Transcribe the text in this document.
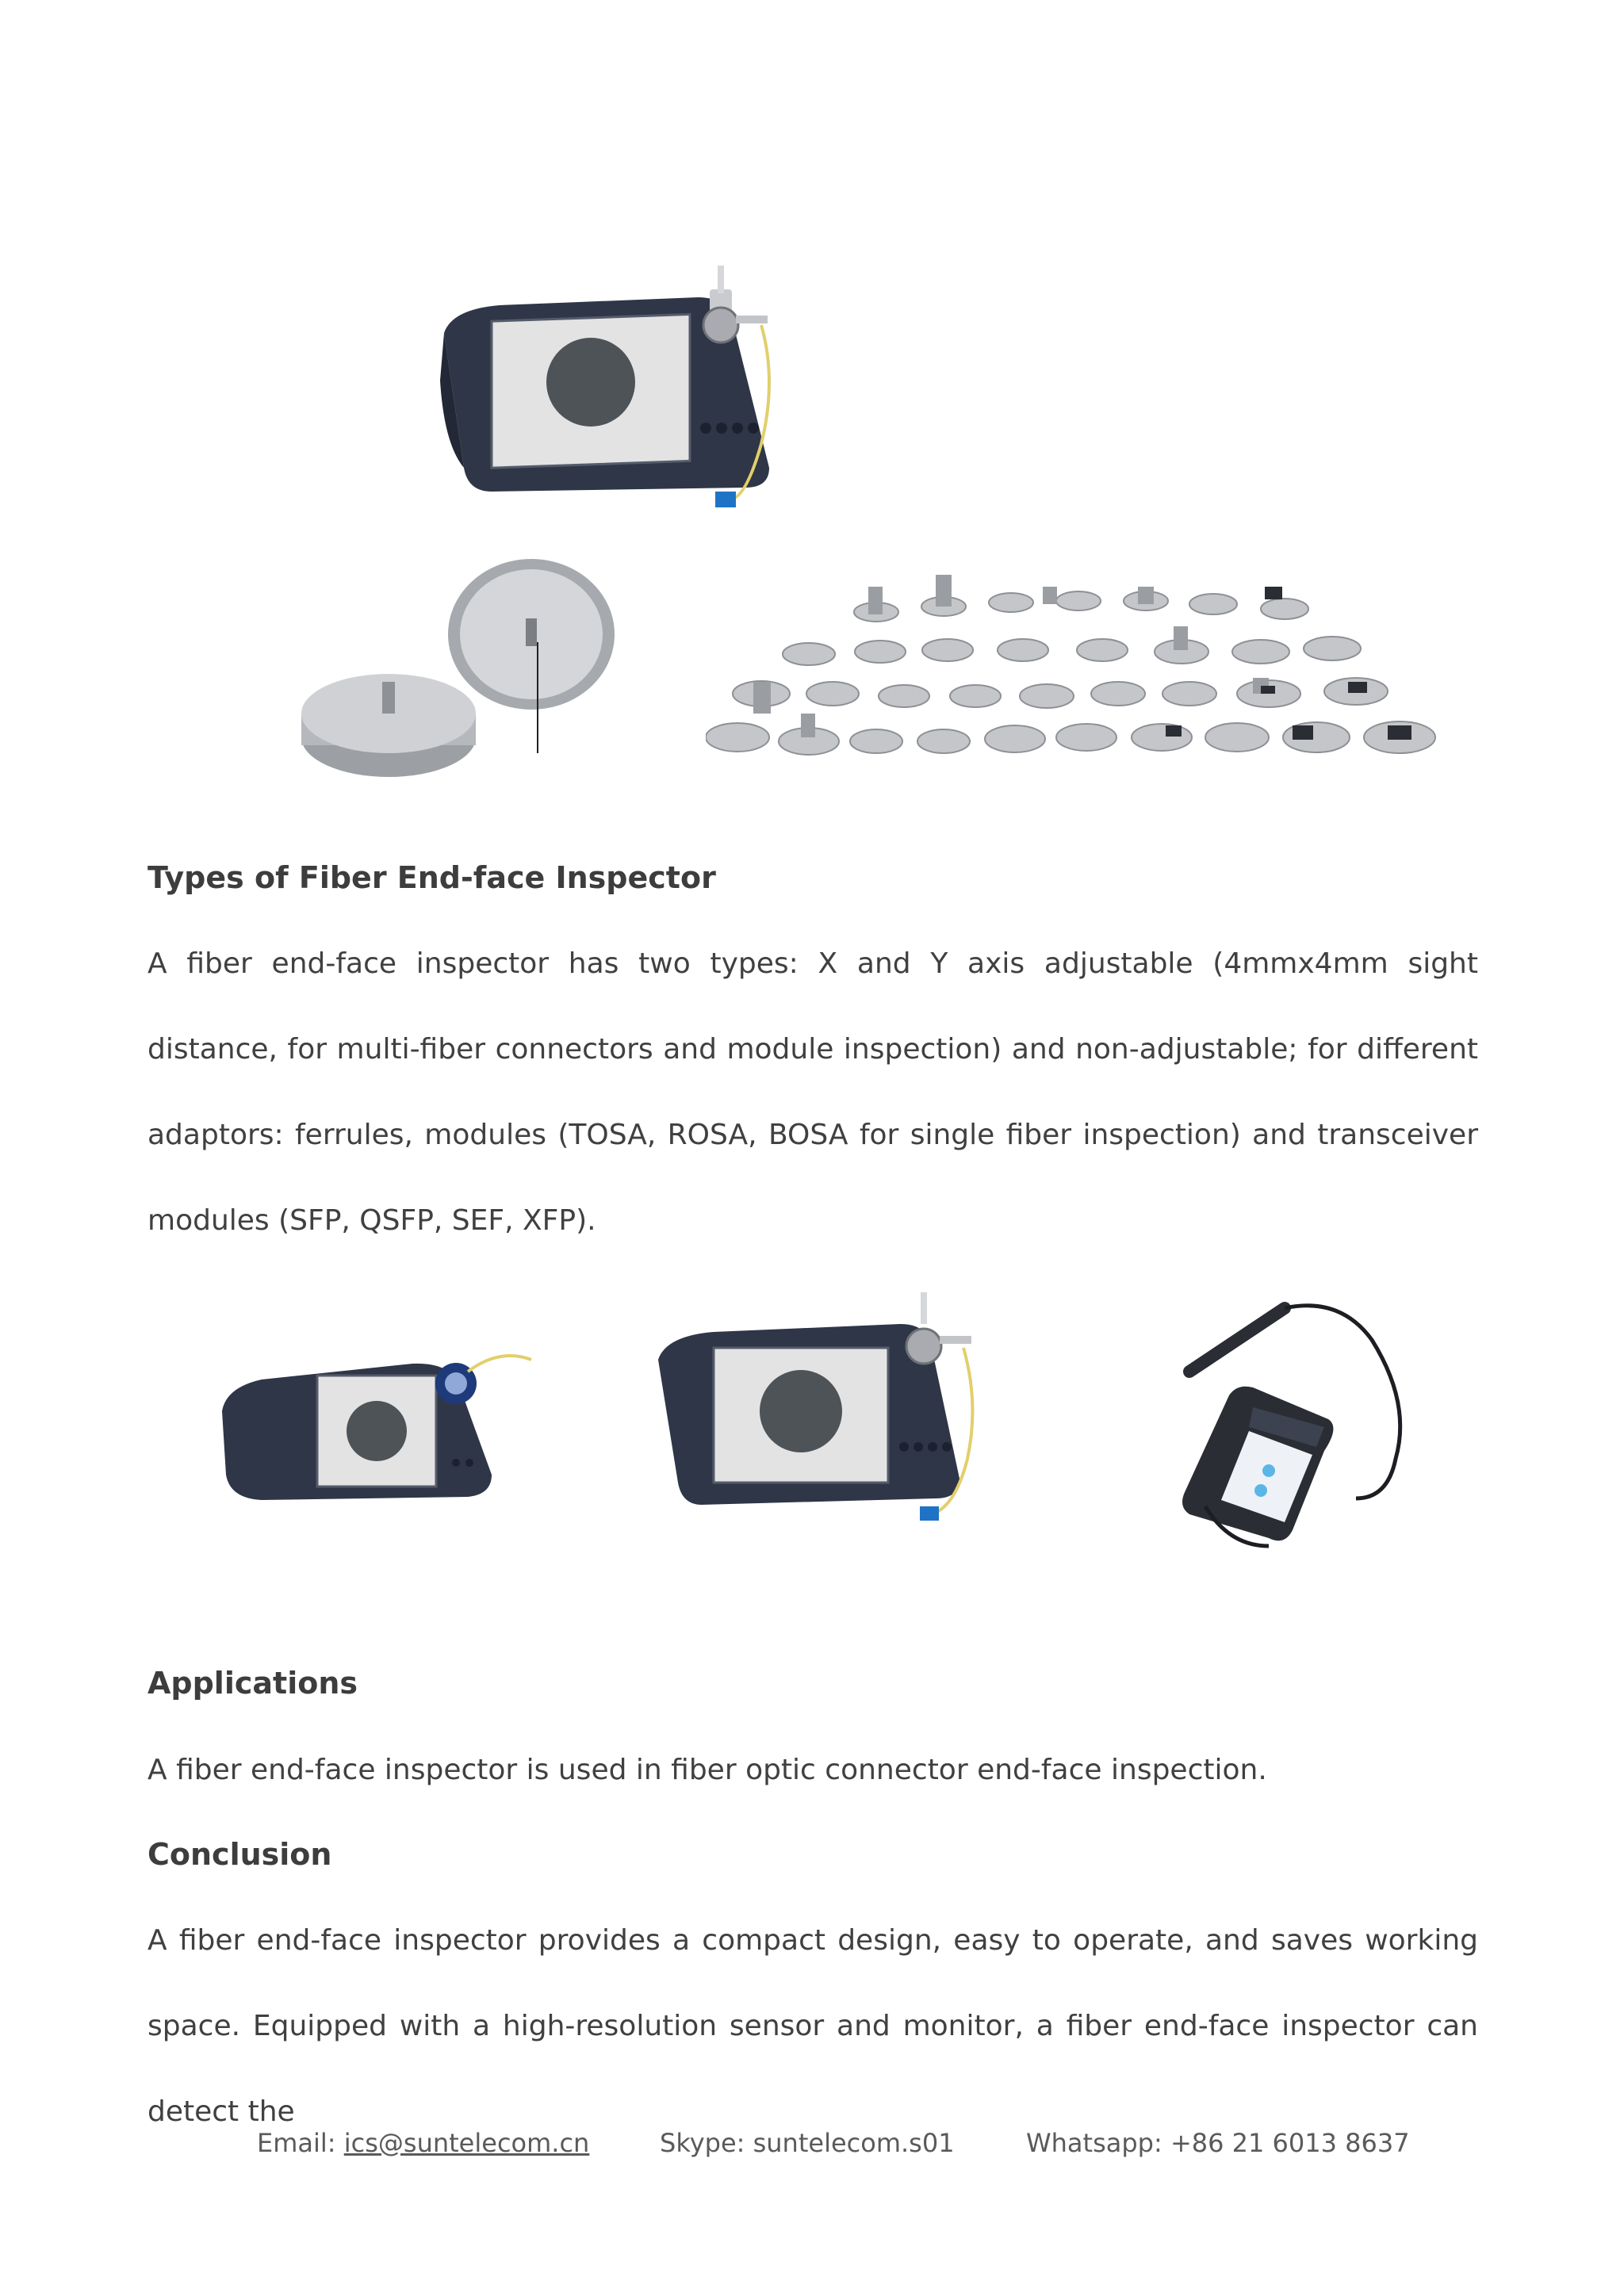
Types of Fiber End-face Inspector

A fiber end-face inspector has two types: X and Y axis adjustable (4mmx4mm sight distance, for multi-fiber connectors and module inspection) and non-adjustable; for different adaptors: ferrules, modules (TOSA, ROSA, BOSA for single fiber inspection) and transceiver modules (SFP, QSFP, SEF, XFP).

Applications

A fiber end-face inspector is used in fiber optic connector end-face inspection.

Conclusion

A fiber end-face inspector provides a compact design, easy to operate, and saves working space. Equipped with a high-resolution sensor and monitor, a fiber end-face inspector can detect the

Email: ics@suntelecom.cn	Skype: suntelecom.s01	Whatsapp: +86 21 6013 8637
